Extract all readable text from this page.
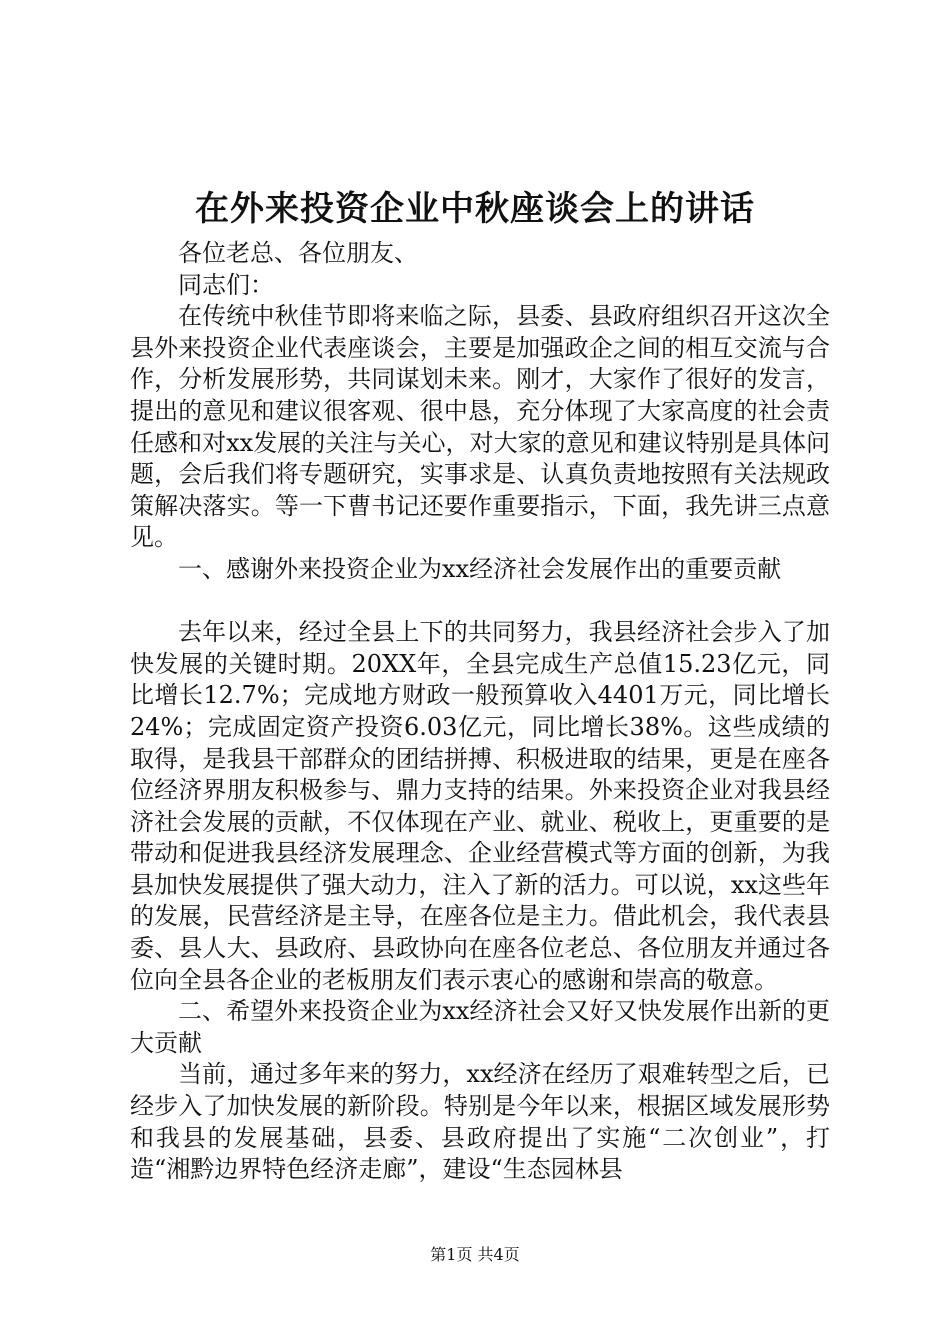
在外来投资企业中秋座谈会上的讲话

各位老总、各位朋友、

同志们：

在传统中秋佳节即将来临之际，县委、县政府组织召开这次全县外来投资企业代表座谈会，主要是加强政企之间的相互交流与合作，分析发展形势，共同谋划未来。刚才，大家作了很好的发言，提出的意见和建议很客观、很中恳，充分体现了大家高度的社会责任感和对xx发展的关注与关心，对大家的意见和建议特别是具体问题，会后我们将专题研究，实事求是、认真负责地按照有关法规政策解决落实。等一下曹书记还要作重要指示，下面，我先讲三点意见。

一、感谢外来投资企业为xx经济社会发展作出的重要贡献

去年以来，经过全县上下的共同努力，我县经济社会步入了加快发展的关键时期。20XX年，全县完成生产总值15.23亿元，同比增长12.7%；完成地方财政一般预算收入4401万元，同比增长24%；完成固定资产投资6.03亿元，同比增长38%。这些成绩的取得，是我县干部群众的团结拼搏、积极进取的结果，更是在座各位经济界朋友积极参与、鼎力支持的结果。外来投资企业对我县经济社会发展的贡献，不仅体现在产业、就业、税收上，更重要的是带动和促进我县经济发展理念、企业经营模式等方面的创新，为我县加快发展提供了强大动力，注入了新的活力。可以说，xx这些年的发展，民营经济是主导，在座各位是主力。借此机会，我代表县委、县人大、县政府、县政协向在座各位老总、各位朋友并通过各位向全县各企业的老板朋友们表示衷心的感谢和崇高的敬意。

二、希望外来投资企业为xx经济社会又好又快发展作出新的更大贡献

当前，通过多年来的努力，xx经济在经历了艰难转型之后，已经步入了加快发展的新阶段。特别是今年以来，根据区域发展形势和我县的发展基础，县委、县政府提出了实施“二次创业”，打造“湘黔边界特色经济走廊”，建设“生态园林县

第1页 共4页
